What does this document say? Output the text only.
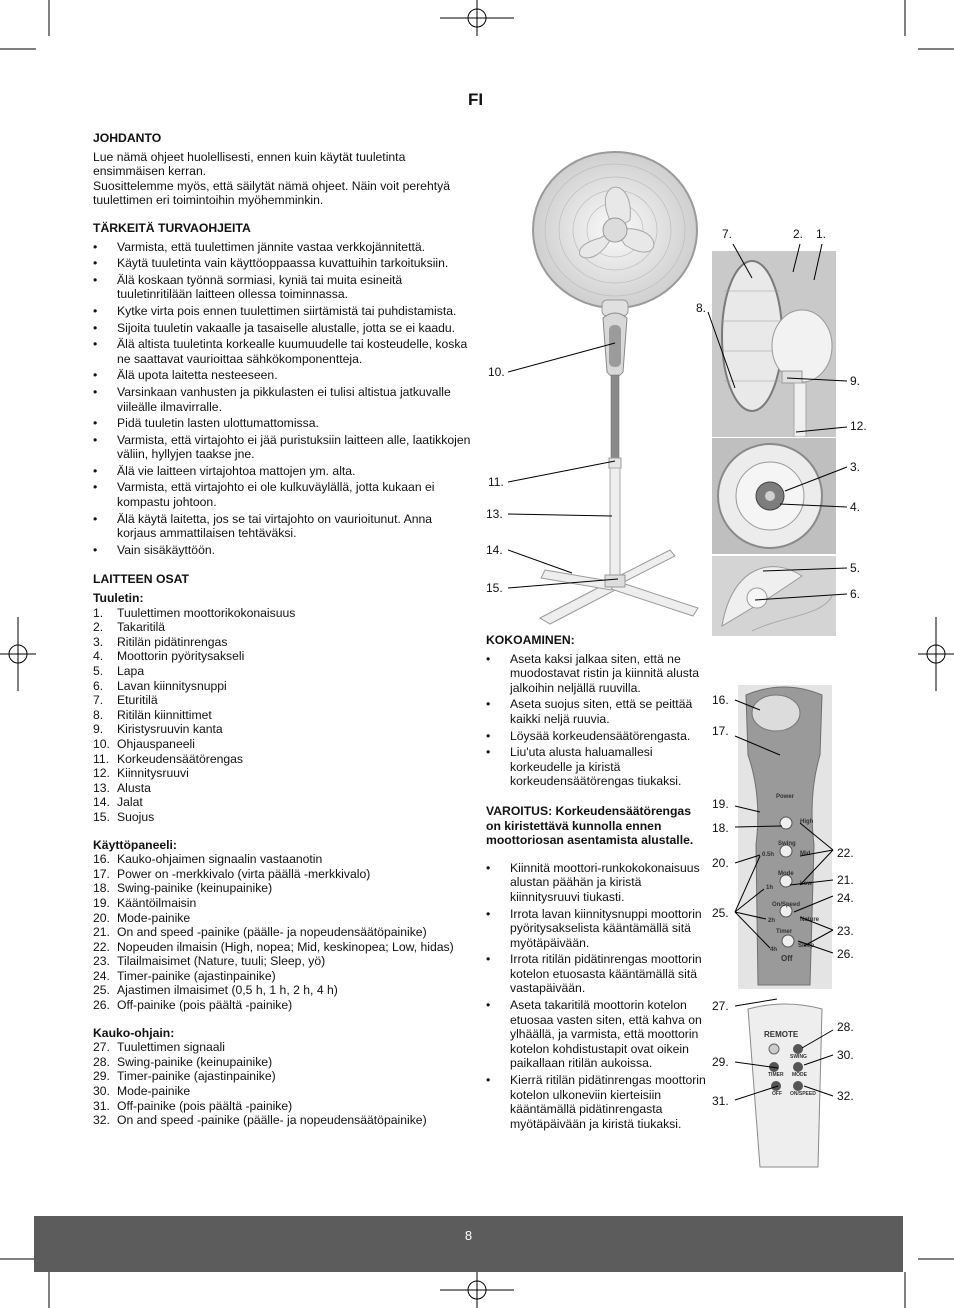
FI
JOHDANTO

Lue nämä ohjeet huolellisesti, ennen kuin käytät tuuletinta ensimmäisen kerran.

Suosittelemme myös, että säilytät nämä ohjeet. Näin voit perehtyä tuulettimen eri toimintoihin myöhemminkin.

TÄRKEITÄ TURVAOHJEITA
• Varmista, että tuulettimen jännite vastaa verkkojännitettä.
• Käytä tuuletinta vain käyttöoppaassa kuvattuihin tarkoituksiin.
• Älä koskaan työnnä sormiasi, kyniä tai muita esineitä tuuletinritilään laitteen ollessa toiminnassa.
• Kytke virta pois ennen tuulettimen siirtämistä tai puhdistamista.
• Sijoita tuuletin vakaalle ja tasaiselle alustalle, jotta se ei kaadu.
• Älä altista tuuletinta korkealle kuumuudelle tai kosteudelle, koska ne saattavat vaurioittaa sähkökomponentteja.
• Älä upota laitetta nesteeseen.
• Varsinkaan vanhusten ja pikkulasten ei tulisi altistua jatkuvalle viileälle ilmavirralle.
• Pidä tuuletin lasten ulottumattomissa.
• Varmista, että virtajohto ei jää puristuksiin laitteen alle, laatikkojen väliin, hyllyjen taakse jne.
• Älä vie laitteen virtajohtoa mattojen ym. alta.
• Varmista, että virtajohto ei ole kulkuväylällä, jotta kukaan ei kompastu johtoon.
• Älä käytä laitetta, jos se tai virtajohto on vaurioitunut. Anna korjaus ammattilaisen tehtäväksi.
• Vain sisäkäyttöön.
LAITTEEN OSAT
Tuuletin:
1.	Tuulettimen moottorikokonaisuus
2.	Takaritilä
3.	Ritilän pidätinrengas
4.	Moottorin pyöritysakseli
5.	Lapa
6.	Lavan kiinnitysnuppi
7.	Eturitilä
8.	Ritilän kiinnittimet
9.	Kiristysruuvin kanta
10. Ohjauspaneeli
11. Korkeudensäätörengas
12. Kiinnitysruuvi
13. Alusta
14. Jalat
15. Suojus
Käyttöpaneeli:
16. Kauko-ohjaimen signaalin vastaanotin
17. Power on -merkkivalo (virta päällä -merkkivalo)
18. Swing-painike (keinupainike)
19. Kääntöilmaisin
20. Mode-painike
21. On and speed -painike (päälle- ja nopeudensäätöpainike)
22. Nopeuden ilmaisin (High, nopea; Mid, keskinopea; Low, hidas)
23. Tilailmaisimet (Nature, tuuli; Sleep, yö)
24. Timer-painike (ajastinpainike)
25. Ajastimen ilmaisimet (0,5 h, 1 h, 2 h, 4 h)
26. Off-painike (pois päältä -painike)
Kauko-ohjain:
27. Tuulettimen signaali
28. Swing-painike (keinupainike)
29. Timer-painike (ajastinpainike)
30. Mode-painike
31. Off-painike (pois päältä -painike)
32. On and speed -painike (päälle- ja nopeudensäätöpainike)
KOKOAMINEN:
• Aseta kaksi jalkaa siten, että ne muodostavat ristin ja kiinnitä alusta jalkoihin neljällä ruuvilla.
• Aseta suojus siten, että se peittää kaikki neljä ruuvia.
• Löysää korkeudensäätörengasta.
• Liu'uta alusta haluamallesi korkeudelle ja kiristä korkeudensäätörengas tiukaksi.

VAROITUS: Korkeudensäätörengas on kiristettävä kunnolla ennen moottoriosan asentamista alustalle.

• Kiinnitä moottori-runkokokonaisuus alustan päähän ja kiristä kiinnitysruuvi tiukasti.
• Irrota lavan kiinnitysnuppi moottorin pyöritysakselista kääntämällä sitä myötäpäivään.
• Irrota ritilän pidätinrengas moottorin kotelon etuosasta kääntämällä sitä vastapäivään.
• Aseta takaritilä moottorin kotelon etuosaa vasten siten, että kahva on ylhäällä, ja varmista, että moottorin kotelon kohdistustapit ovat oikein paikallaan ritilän aukoissa.
• Kierrä ritilän pidätinrengas moottorin kotelon ulkoneviin kierteisiin kääntämällä pidätinrengasta myötäpäivään ja kiristä tiukaksi.
Power
High
Swing
Mid
Low
Mode
On/Speed
Nature
Timer
Sleep
Off
0.5h
1h
2h
4h
REMOTE
SWING
TIMER MODE
OFF ON/SPEED
7.	2. 1.
8.
10.
9.
12.
3.
11.
4.
13.
14.
5.
15.	6.
16.
17.
19.
18.
22.
20.
21.
24.
25.
23.
26.
27.
28.
30.
29.
32.
31.
8
